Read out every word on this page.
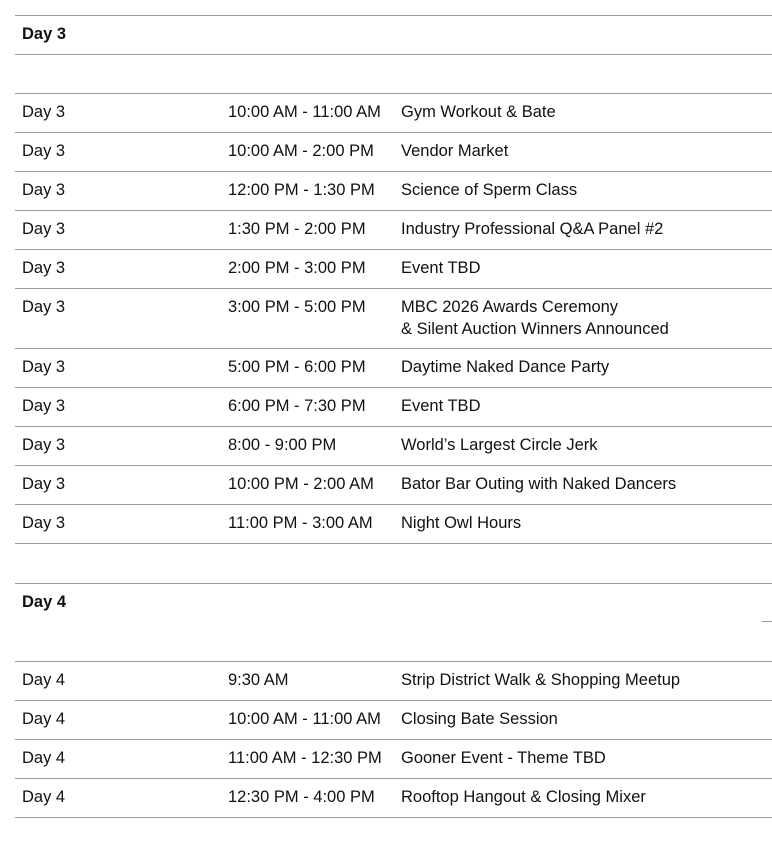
Day 3
Day 3	10:00 AM - 11:00 AM Gym Workout & Bate
Day 3	10:00 AM - 2:00 PM Vendor Market
Day 3	12:00 PM - 1:30 PM Science of Sperm Class
Day 3	1:30 PM - 2:00 PM Industry Professional Q&A Panel #2
Day 3	2:00 PM - 3:00 PM Event TBD
Day 3	3:00 PM - 5:00 PM MBC 2026 Awards Ceremony
& Silent Auction Winners Announced
Day 3	5:00 PM - 6:00 PM Daytime Naked Dance Party
Day 3	6:00 PM - 7:30 PM Event TBD
Day 3	8:00 - 9:00 PM	World’s Largest Circle Jerk
Day 3	10:00 PM - 2:00 AM Bator Bar Outing with Naked Dancers
Day 3	11:00 PM - 3:00 AM Night Owl Hours
Day 4
Day 4	9:30 AM	Strip District Walk & Shopping Meetup
Day 4	10:00 AM - 11:00 AM Closing Bate Session
Day 4	11:00 AM - 12:30 PM Gooner Event - Theme TBD
Day 4	12:30 PM - 4:00 PM Rooftop Hangout & Closing Mixer
